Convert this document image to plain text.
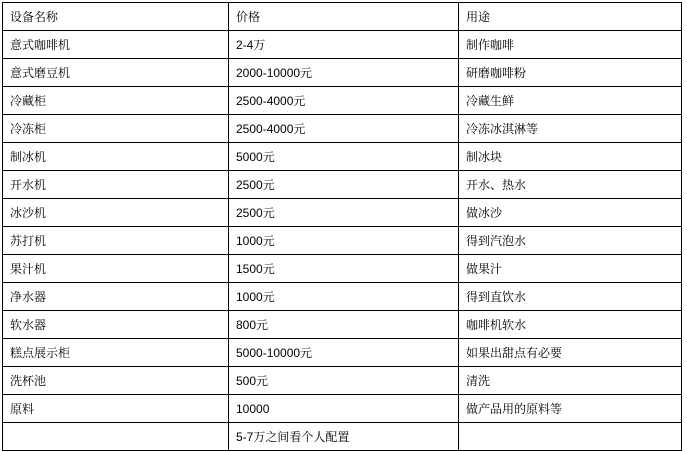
设备名称	价格	用途
意式咖啡机	2-4万	制作咖啡
意式磨豆机	2000-10000元	研磨咖啡粉
冷藏柜	2500-4000元	冷藏生鲜
冷冻柜	2500-4000元	冷冻冰淇淋等
制冰机	5000元	制冰块
开水机	2500元	开水、热水
冰沙机	2500元	做冰沙
苏打机	1000元	得到汽泡水
果汁机	1500元	做果汁
净水器	1000元	得到直饮水
软水器	800元	咖啡机软水
糕点展示柜	5000-10000元	如果出甜点有必要
洗杯池	500元	清洗
原料	10000	做产品用的原料等
	5-7万之间看个人配置	
